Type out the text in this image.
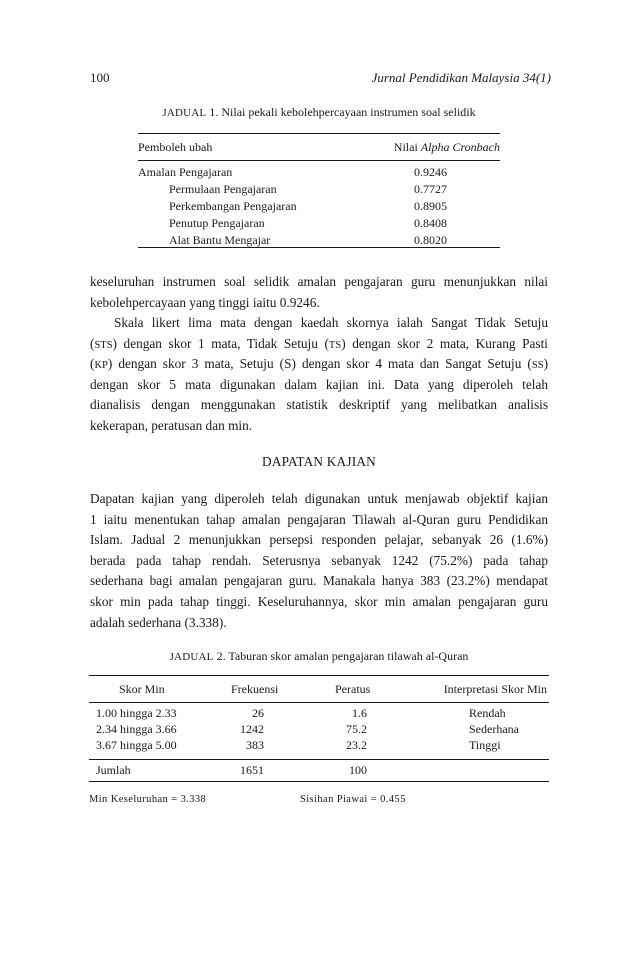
100	Jurnal Pendidikan Malaysia 34(1)
JADUAL 1. Nilai pekali kebolehpercayaan instrumen soal selidik
Pemboleh ubah	Nilai Alpha Cronbach
Amalan Pengajaran	0.9246
Permulaan Pengajaran	0.7727
Perkembangan Pengajaran	0.8905
Penutup Pengajaran	0.8408
Alat Bantu Mengajar	0.8020
keseluruhan instrumen soal selidik amalan pengajaran guru menunjukkan nilai
kebolehpercayaan yang tinggi iaitu 0.9246.
Skala likert lima mata dengan kaedah skornya ialah Sangat Tidak Setuju
(STS) dengan skor 1 mata, Tidak Setuju (TS) dengan skor 2 mata, Kurang Pasti
(KP) dengan skor 3 mata, Setuju (S) dengan skor 4 mata dan Sangat Setuju (SS)
dengan skor 5 mata digunakan dalam kajian ini. Data yang diperoleh telah
dianalisis dengan menggunakan statistik deskriptif yang melibatkan analisis
kekerapan, peratusan dan min.
DAPATAN KAJIAN
Dapatan kajian yang diperoleh telah digunakan untuk menjawab objektif kajian
1 iaitu menentukan tahap amalan pengajaran Tilawah al-Quran guru Pendidikan
Islam. Jadual 2 menunjukkan persepsi responden pelajar, sebanyak 26 (1.6%)
berada pada tahap rendah. Seterusnya sebanyak 1242 (75.2%) pada tahap
sederhana bagi amalan pengajaran guru. Manakala hanya 383 (23.2%) mendapat
skor min pada tahap tinggi. Keseluruhannya, skor min amalan pengajaran guru
adalah sederhana (3.338).
JADUAL 2. Taburan skor amalan pengajaran tilawah al-Quran
Skor Min	Frekuensi	Peratus	Interpretasi Skor Min
1.00 hingga 2.33	26	1.6	Rendah
2.34 hingga 3.66	1242	75.2	Sederhana
3.67 hingga 5.00	383	23.2	Tinggi
Jumlah	1651	100
Min Keseluruhan = 3.338	Sisihan Piawai = 0.455
